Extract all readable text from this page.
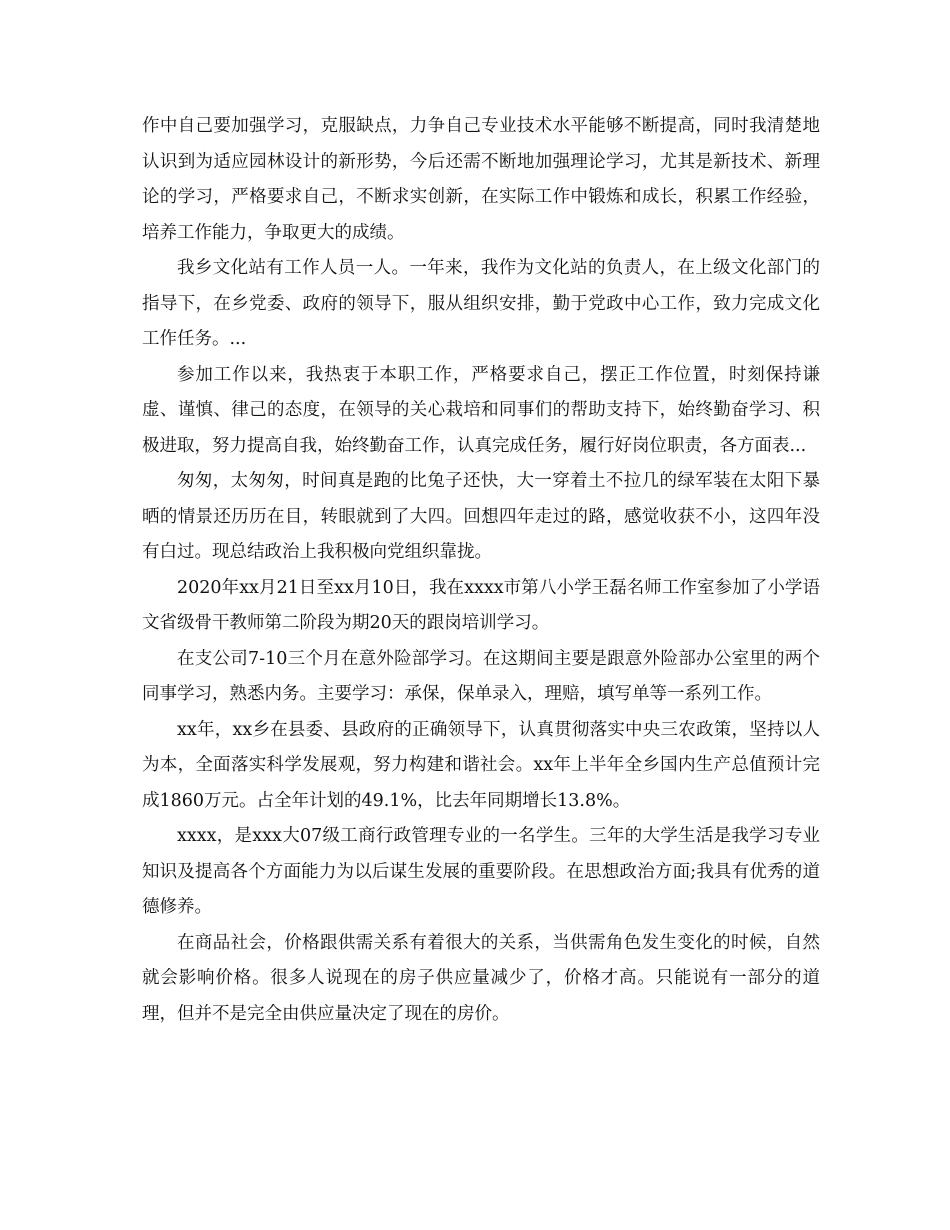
作中自己要加强学习，克服缺点，力争自己专业技术水平能够不断提高，同时我清楚地认识到为适应园林设计的新形势，今后还需不断地加强理论学习，尤其是新技术、新理论的学习，严格要求自己，不断求实创新，在实际工作中锻炼和成长，积累工作经验，培养工作能力，争取更大的成绩。

我乡文化站有工作人员一人。一年来，我作为文化站的负责人，在上级文化部门的指导下，在乡党委、政府的领导下，服从组织安排，勤于党政中心工作，致力完成文化工作任务。...

参加工作以来，我热衷于本职工作，严格要求自己，摆正工作位置，时刻保持谦虚、谨慎、律己的态度，在领导的关心栽培和同事们的帮助支持下，始终勤奋学习、积极进取，努力提高自我，始终勤奋工作，认真完成任务，履行好岗位职责，各方面表...

匆匆，太匆匆，时间真是跑的比兔子还快，大一穿着土不拉几的绿军装在太阳下暴晒的情景还历历在目，转眼就到了大四。回想四年走过的路，感觉收获不小，这四年没有白过。现总结政治上我积极向党组织靠拢。

2020年xx月21日至xx月10日，我在xxxx市第八小学王磊名师工作室参加了小学语文省级骨干教师第二阶段为期20天的跟岗培训学习。

在支公司7-10三个月在意外险部学习。在这期间主要是跟意外险部办公室里的两个同事学习，熟悉内务。主要学习：承保，保单录入，理赔，填写单等一系列工作。

xx年，xx乡在县委、县政府的正确领导下，认真贯彻落实中央三农政策，坚持以人为本，全面落实科学发展观，努力构建和谐社会。xx年上半年全乡国内生产总值预计完成1860万元。占全年计划的49.1%，比去年同期增长13.8%。

xxxx，是xxx大07级工商行政管理专业的一名学生。三年的大学生活是我学习专业知识及提高各个方面能力为以后谋生发展的重要阶段。在思想政治方面;我具有优秀的道德修养。

在商品社会，价格跟供需关系有着很大的关系，当供需角色发生变化的时候，自然就会影响价格。很多人说现在的房子供应量减少了，价格才高。只能说有一部分的道理，但并不是完全由供应量决定了现在的房价。
